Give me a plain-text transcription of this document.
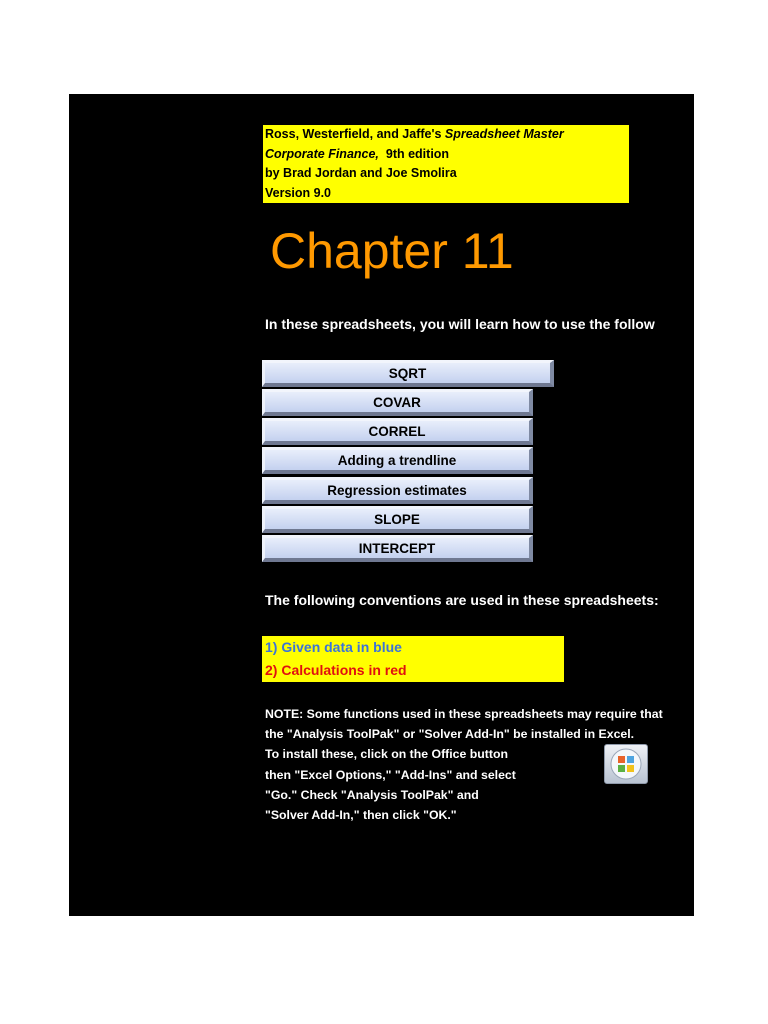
Ross, Westerfield, and Jaffe's Spreadsheet Master
Corporate Finance,  9th edition
by Brad Jordan and Joe Smolira
Version 9.0
Chapter 11
In these spreadsheets, you will learn how to use the follow
SQRT
COVAR
CORREL
Adding a trendline
Regression estimates
SLOPE
INTERCEPT
The following conventions are used in these spreadsheets:
1) Given data in blue
2) Calculations in red
NOTE: Some functions used in these spreadsheets may require that
the "Analysis ToolPak" or "Solver Add-In" be installed in Excel.
To install these, click on the Office button
then "Excel Options," "Add-Ins" and select
"Go." Check "Analysis ToolPak" and
"Solver Add-In," then click "OK."
